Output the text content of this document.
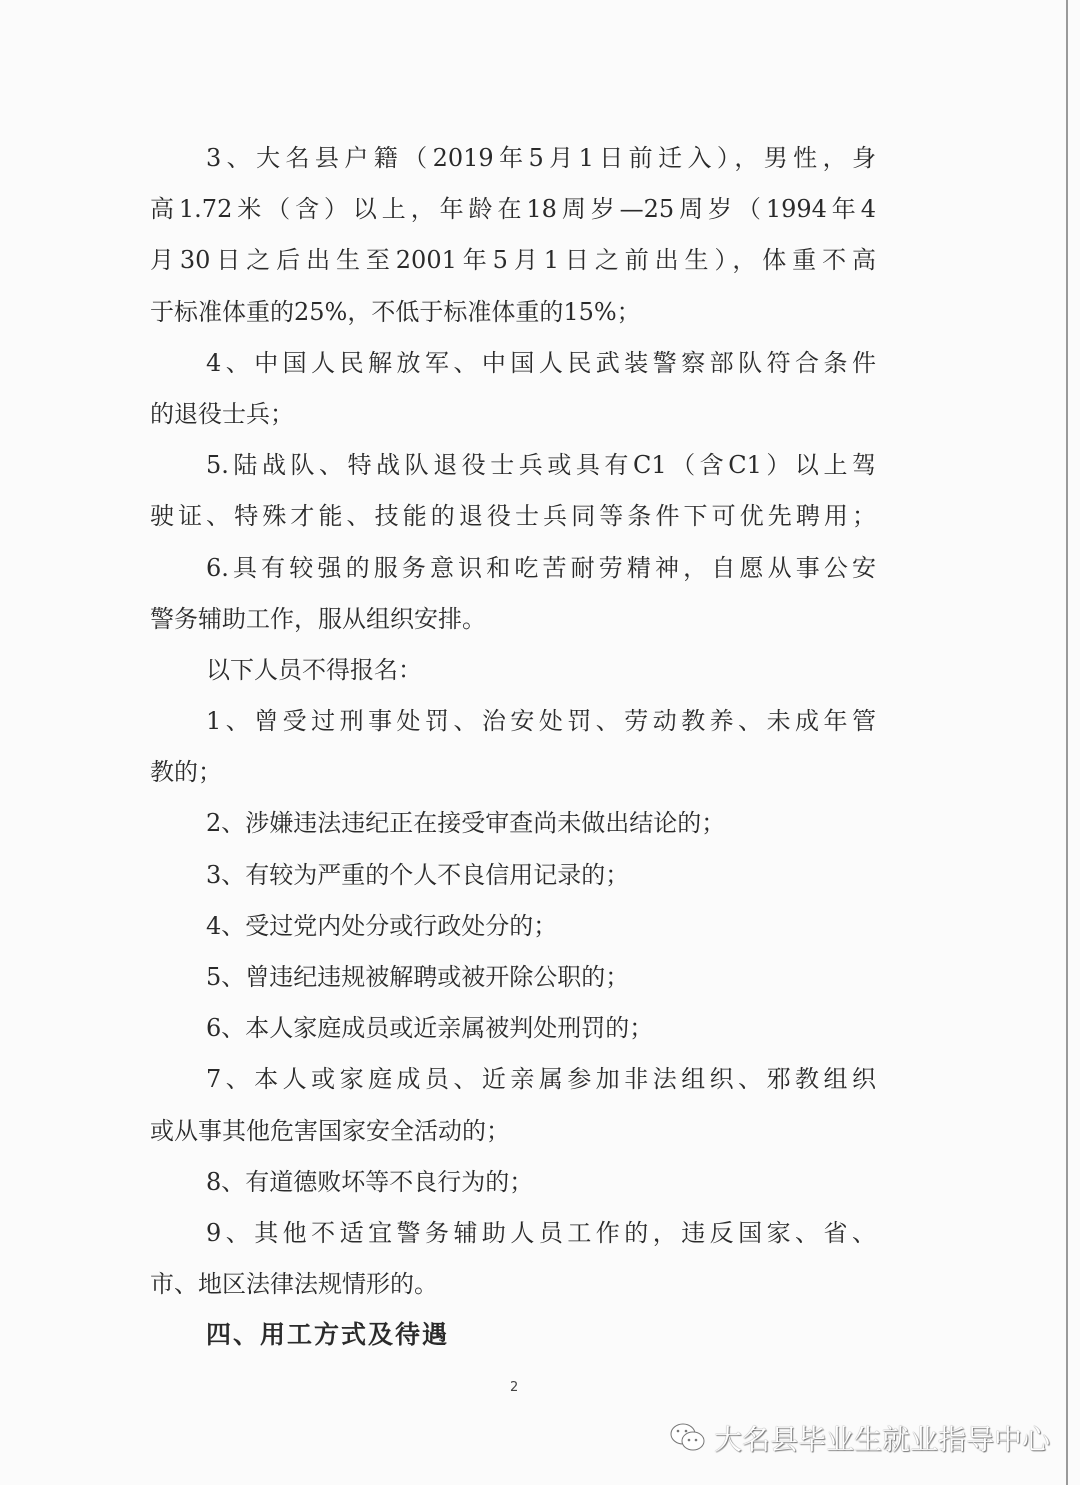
3、大名县户籍（2019年5月1日前迁入），男性，身
高1.72米（含）以上，年龄在18周岁—25周岁（1994年4
月30日之后出生至2001年5月1日之前出生），体重不高
于标准体重的25%，不低于标准体重的15%；
4、中国人民解放军、中国人民武装警察部队符合条件
的退役士兵；
5.陆战队、特战队退役士兵或具有C1（含C1）以上驾
驶证、特殊才能、技能的退役士兵同等条件下可优先聘用；
6.具有较强的服务意识和吃苦耐劳精神，自愿从事公安
警务辅助工作，服从组织安排。
以下人员不得报名：
1、曾受过刑事处罚、治安处罚、劳动教养、未成年管
教的；
2、涉嫌违法违纪正在接受审查尚未做出结论的；
3、有较为严重的个人不良信用记录的；
4、受过党内处分或行政处分的；
5、曾违纪违规被解聘或被开除公职的；
6、本人家庭成员或近亲属被判处刑罚的；
7、本人或家庭成员、近亲属参加非法组织、邪教组织
或从事其他危害国家安全活动的；
8、有道德败坏等不良行为的；
9、其他不适宜警务辅助人员工作的，违反国家、省、
市、地区法律法规情形的。
四、用工方式及待遇
2
大名县毕业生就业指导中心
